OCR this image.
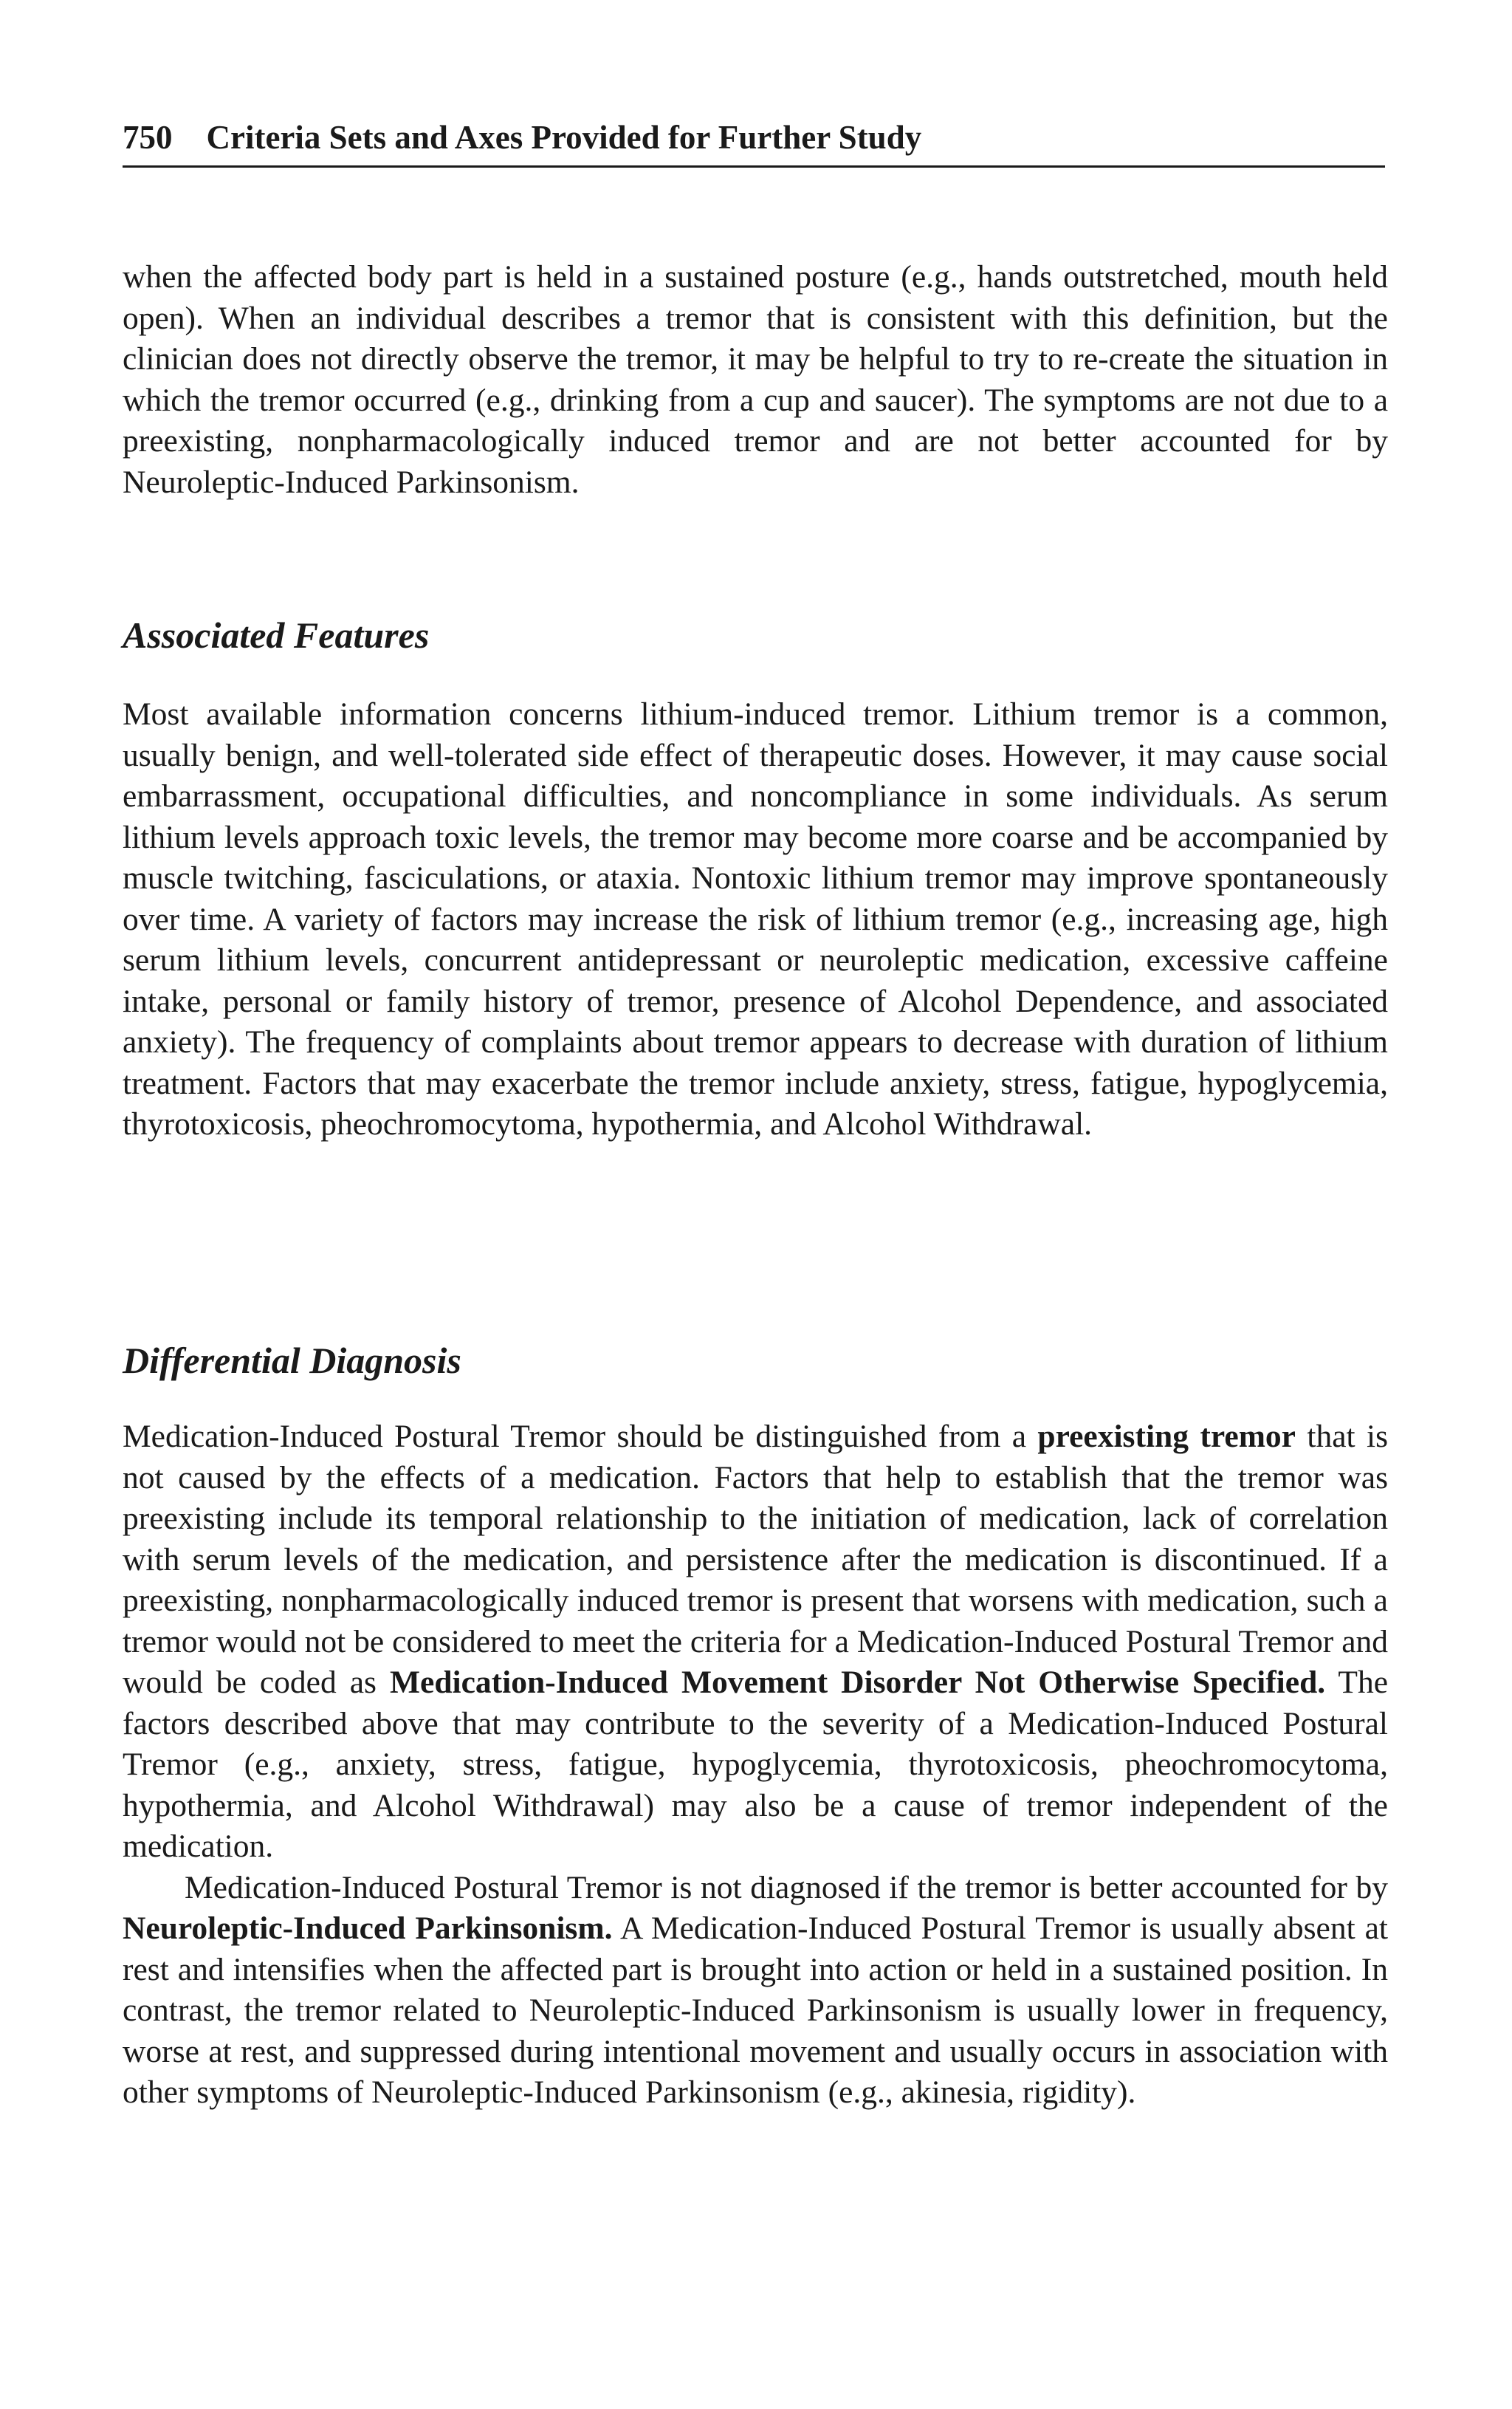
750 Criteria Sets and Axes Provided for Further Study

when the affected body part is held in a sustained posture (e.g., hands outstretched, mouth held open). When an individual describes a tremor that is consistent with this definition, but the clinician does not directly observe the tremor, it may be helpful to try to re-create the situation in which the tremor occurred (e.g., drinking from a cup and saucer). The symptoms are not due to a preexisting, nonpharmacologically induced tremor and are not better accounted for by Neuroleptic-Induced Parkinsonism.

Associated Features

Most available information concerns lithium-induced tremor. Lithium tremor is a common, usually benign, and well-tolerated side effect of therapeutic doses. However, it may cause social embarrassment, occupational difficulties, and noncompliance in some individuals. As serum lithium levels approach toxic levels, the tremor may become more coarse and be accompanied by muscle twitching, fasciculations, or ataxia. Nontoxic lithium tremor may improve spontaneously over time. A variety of factors may increase the risk of lithium tremor (e.g., increasing age, high serum lithium levels, concurrent antidepressant or neuroleptic medication, excessive caffeine intake, personal or family history of tremor, presence of Alcohol Dependence, and associated anxiety). The frequency of complaints about tremor appears to decrease with duration of lithium treatment. Factors that may exacerbate the tremor include anxiety, stress, fatigue, hypoglycemia, thyrotoxicosis, pheochromocytoma, hypothermia, and Alcohol Withdrawal.

Differential Diagnosis

Medication-Induced Postural Tremor should be distinguished from a preexisting tremor that is not caused by the effects of a medication. Factors that help to establish that the tremor was preexisting include its temporal relationship to the initiation of medication, lack of correlation with serum levels of the medication, and persistence after the medication is discontinued. If a preexisting, nonpharmacologically induced tremor is present that worsens with medication, such a tremor would not be considered to meet the criteria for a Medication-Induced Postural Tremor and would be coded as Medication-Induced Movement Disorder Not Otherwise Specified. The factors described above that may contribute to the severity of a Medication-Induced Postural Tremor (e.g., anxiety, stress, fatigue, hypoglycemia, thyrotoxicosis, pheochromocytoma, hypothermia, and Alcohol Withdrawal) may also be a cause of tremor independent of the medication.

Medication-Induced Postural Tremor is not diagnosed if the tremor is better accounted for by Neuroleptic-Induced Parkinsonism. A Medication-Induced Postural Tremor is usually absent at rest and intensifies when the affected part is brought into action or held in a sustained position. In contrast, the tremor related to Neuroleptic-Induced Parkinsonism is usually lower in frequency, worse at rest, and suppressed during intentional movement and usually occurs in association with other symptoms of Neuroleptic-Induced Parkinsonism (e.g., akinesia, rigidity).
